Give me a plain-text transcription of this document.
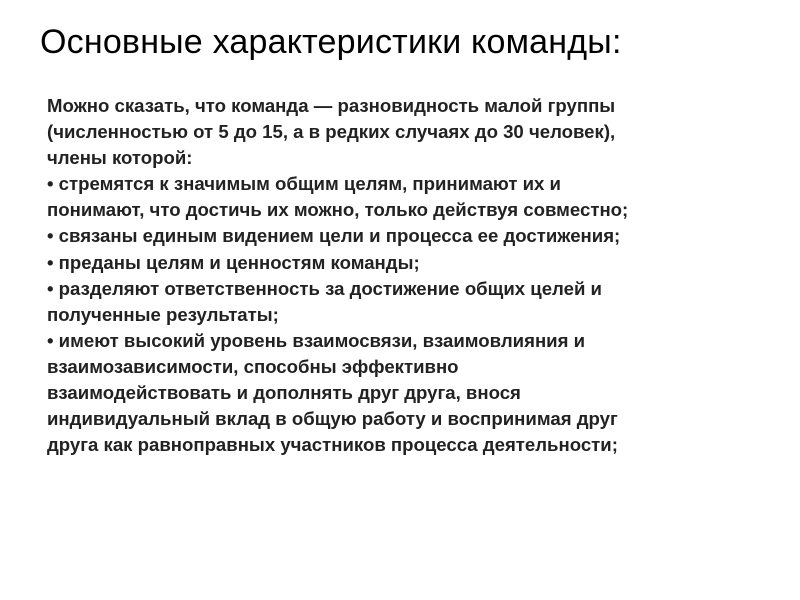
Основные характеристики команды:
Можно сказать, что команда — разновидность малой группы
(численностью от 5 до 15, а в редких случаях до 30 человек),
члены которой:
• стремятся к значимым общим целям, принимают их и
понимают, что достичь их можно, только действуя совместно;
• связаны единым видением цели и процесса ее достижения;
• преданы целям и ценностям команды;
• разделяют ответственность за достижение общих целей и
полученные результаты;
• имеют высокий уровень взаимосвязи, взаимовлияния и
взаимозависимости, способны эффективно
взаимодействовать и дополнять друг друга, внося
индивидуальный вклад в общую работу и воспринимая друг
друга как равноправных участников процесса деятельности;
